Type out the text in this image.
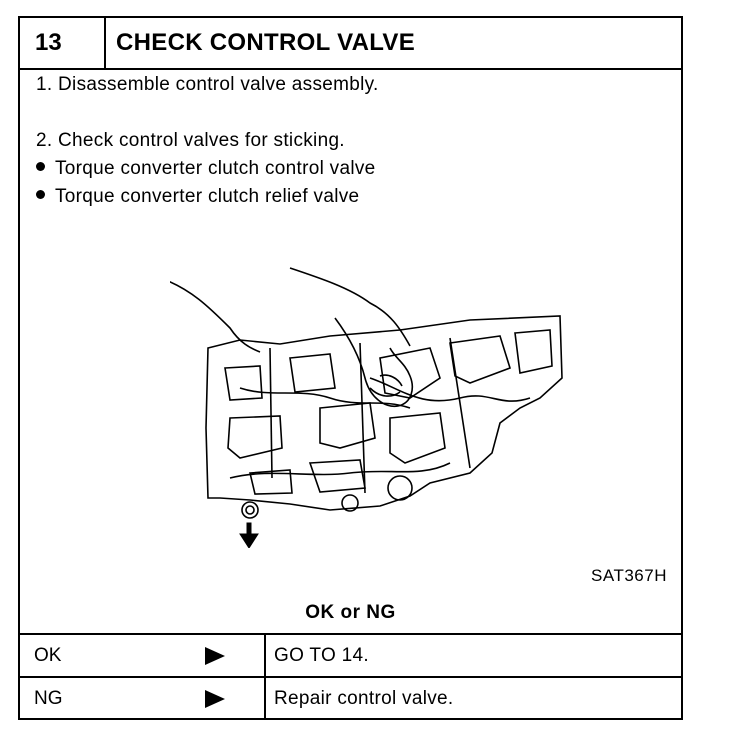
13	CHECK CONTROL VALVE
1. Disassemble control valve assembly.
2. Check control valves for sticking.
Torque converter clutch control valve
Torque converter clutch relief valve
SAT367H
OK or NG
OK	GO TO 14.
NG	Repair control valve.
